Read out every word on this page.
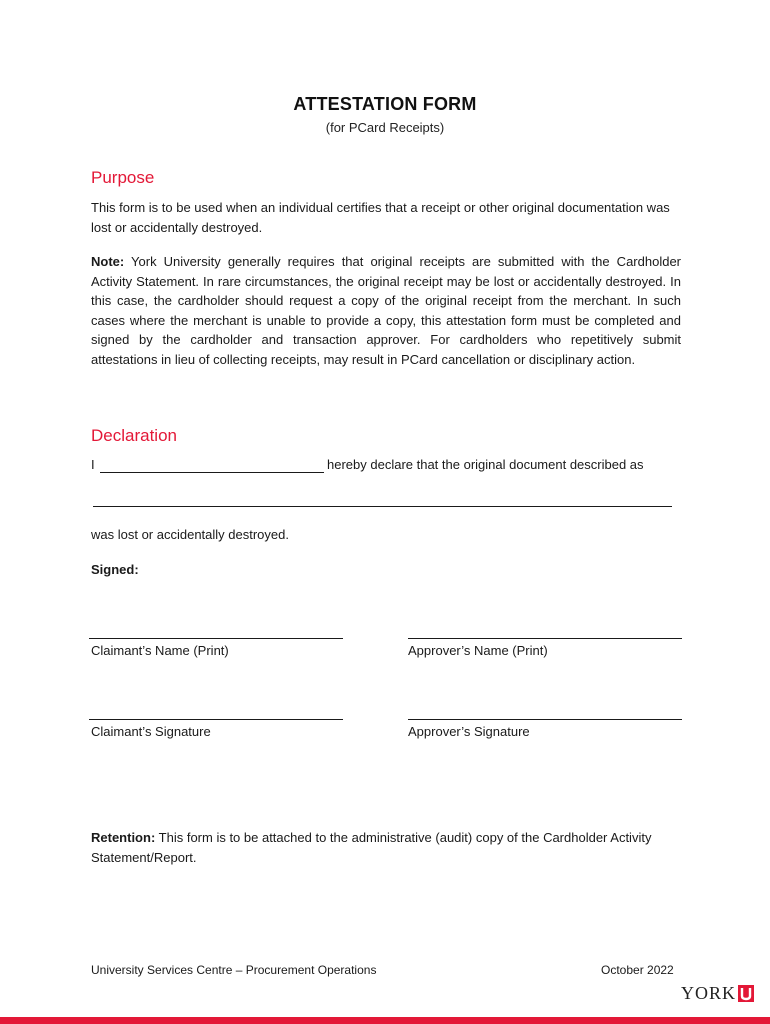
ATTESTATION FORM
(for PCard Receipts)
Purpose
This form is to be used when an individual certifies that a receipt or other original documentation was lost or accidentally destroyed.
Note: York University generally requires that original receipts are submitted with the Cardholder Activity Statement. In rare circumstances, the original receipt may be lost or accidentally destroyed. In this case, the cardholder should request a copy of the original receipt from the merchant. In such cases where the merchant is unable to provide a copy, this attestation form must be completed and signed by the cardholder and transaction approver. For cardholders who repetitively submit attestations in lieu of collecting receipts, may result in PCard cancellation or disciplinary action.
Declaration
I	hereby declare that the original document described as
was lost or accidentally destroyed.
Signed:
Claimant’s Name (Print)	Approver’s Name (Print)
Claimant’s Signature	Approver’s Signature
Retention: This form is to be attached to the administrative (audit) copy of the Cardholder Activity Statement/Report.
University Services Centre – Procurement Operations	October 2022
YORK
